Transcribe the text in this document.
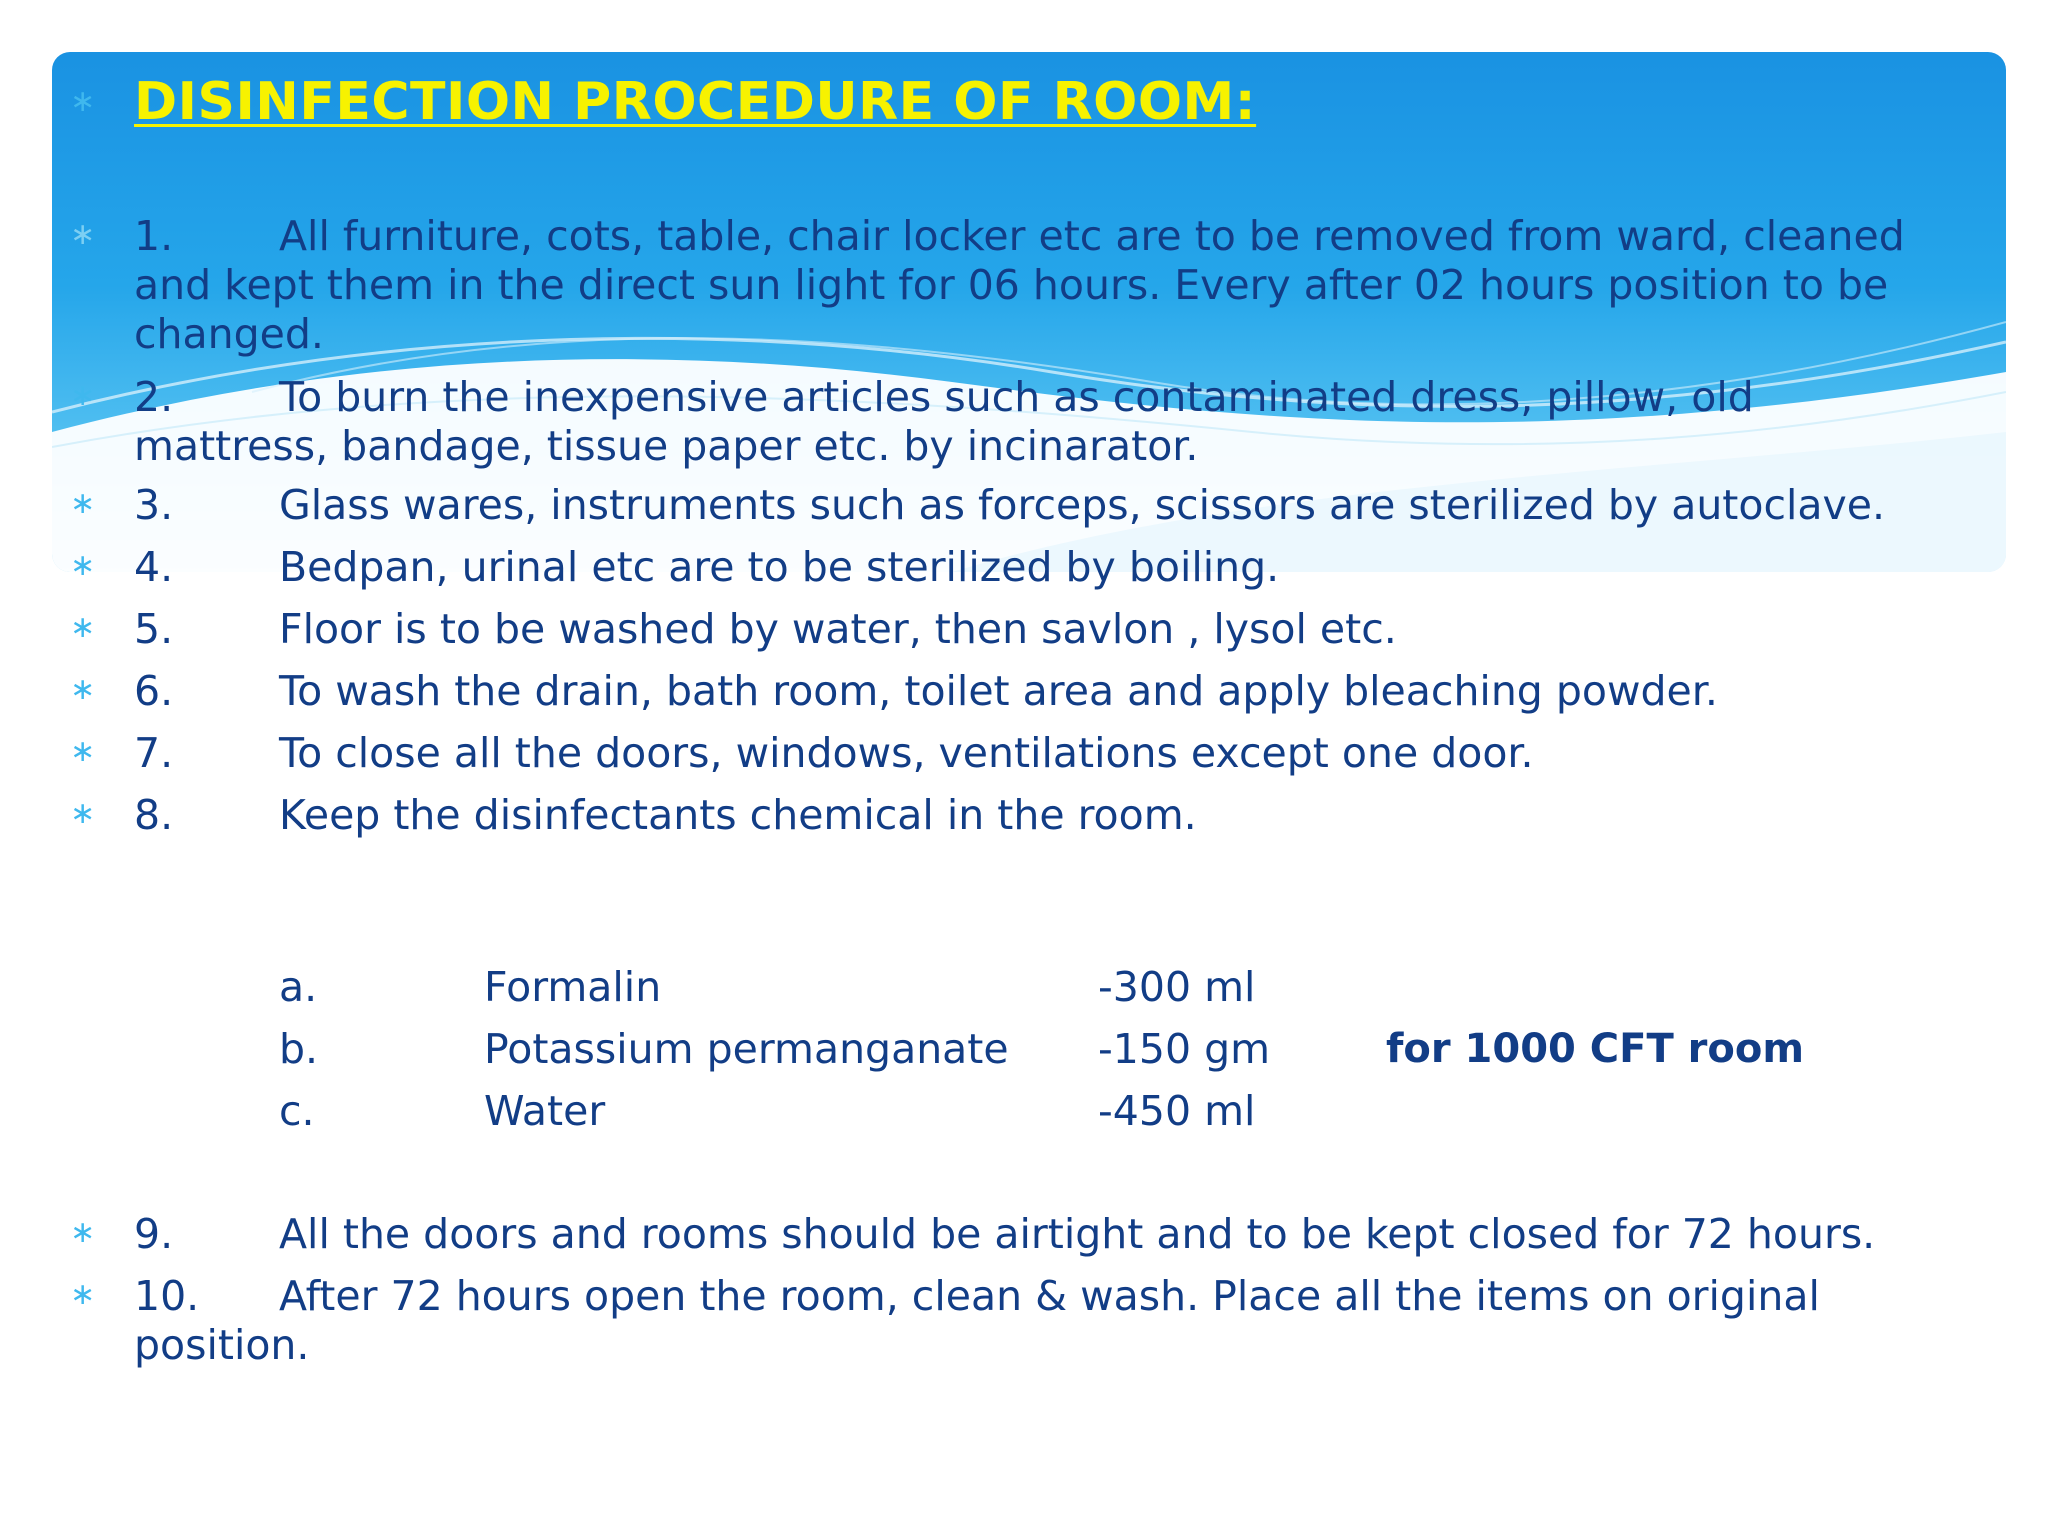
∗ DISINFECTION PROCEDURE OF ROOM:
∗ 1.	All furniture, cots, table, chair locker etc are to be removed from ward, cleaned
and kept them in the direct sun light for 06 hours. Every after 02 hours position to be
changed.
∗ 2.	To burn the inexpensive articles such as contaminated dress, pillow, old
mattress, bandage, tissue paper etc. by incinarator.
∗ 3.	Glass wares, instruments such as forceps, scissors are sterilized by autoclave.
∗ 4.	Bedpan, urinal etc are to be sterilized by boiling.
∗ 5.	Floor is to be washed by water, then savlon , lysol etc.
∗ 6.	To wash the drain, bath room, toilet area and apply bleaching powder.
∗ 7.	To close all the doors, windows, ventilations except one door.
∗ 8.	Keep the disinfectants chemical in the room.
a.	Formalin	-300 ml
b.	Potassium permanganate -150 gm	for 1000 CFT room
c.	Water	-450 ml
∗ 9.	All the doors and rooms should be airtight and to be kept closed for 72 hours.
∗ 10. After 72 hours open the room, clean & wash. Place all the items on original
position.
